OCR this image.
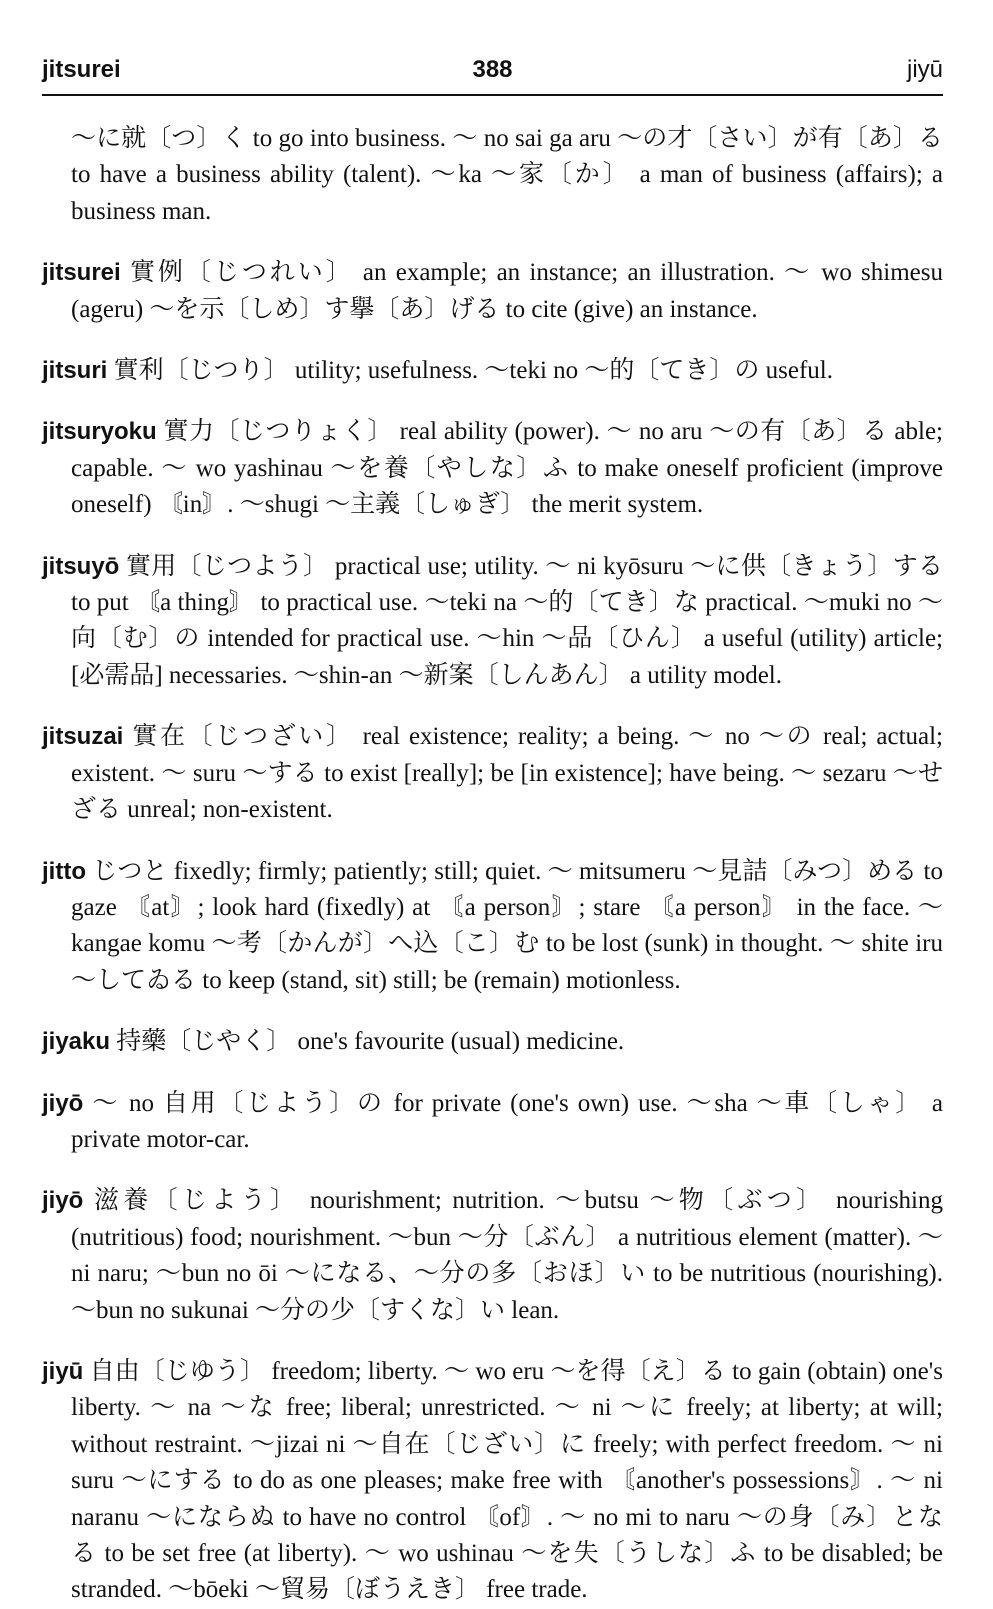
jitsurei	388	jiyū

～に就〔つ〕く to go into business. ～ no sai ga aru ～の才〔さい〕が有〔あ〕る to have a business ability (talent). ～ka ～家〔か〕 a man of business (affairs); a business man.

jitsurei 實例〔じつれい〕 an example; an instance; an illustration. ～ wo shimesu (ageru) ～を示〔しめ〕す擧〔あ〕げる to cite (give) an instance.

jitsuri 實利〔じつり〕 utility; usefulness. ～teki no ～的〔てき〕の useful.

jitsuryoku 實力〔じつりょく〕 real ability (power). ～ no aru ～の有〔あ〕る able; capable. ～ wo yashinau ～を養〔やしな〕ふ to make oneself proficient (improve oneself) 〘in〙. ～shugi ～主義〔しゅぎ〕 the merit system.

jitsuyō 實用〔じつよう〕 practical use; utility. ～ ni kyōsuru ～に供〔きょう〕する to put 〘a thing〙 to practical use. ～teki na ～的〔てき〕な practical. ～muki no ～向〔む〕の intended for practical use. ～hin ～品〔ひん〕 a useful (utility) article; [必需品] necessaries. ～shin-an ～新案〔しんあん〕 a utility model.

jitsuzai 實在〔じつざい〕 real existence; reality; a being. ～ no ～の real; actual; existent. ～ suru ～する to exist [really]; be [in existence]; have being. ～ sezaru ～せざる unreal; non-existent.

jitto じつと fixedly; firmly; patiently; still; quiet. ～ mitsumeru ～見詰〔みつ〕める to gaze 〘at〙; look hard (fixedly) at 〘a person〙; stare 〘a person〙 in the face. ～ kangae komu ～考〔かんが〕へ込〔こ〕む to be lost (sunk) in thought. ～ shite iru ～してゐる to keep (stand, sit) still; be (remain) motionless.

jiyaku 持藥〔じやく〕 one's favourite (usual) medicine.

jiyō ～ no 自用〔じよう〕の for private (one's own) use. ～sha ～車〔しゃ〕 a private motor-car.

jiyō 滋養〔じよう〕 nourishment; nutrition. ～butsu ～物〔ぶつ〕 nourishing (nutritious) food; nourishment. ～bun ～分〔ぶん〕 a nutritious element (matter). ～ ni naru; ～bun no ōi ～になる、～分の多〔おほ〕い to be nutritious (nourishing). ～bun no sukunai ～分の少〔すくな〕い lean.

jiyū 自由〔じゆう〕 freedom; liberty. ～ wo eru ～を得〔え〕る to gain (obtain) one's liberty. ～ na ～な free; liberal; unrestricted. ～ ni ～に freely; at liberty; at will; without restraint. ～jizai ni ～自在〔じざい〕に freely; with perfect freedom. ～ ni suru ～にする to do as one pleases; make free with 〘another's possessions〙. ～ ni naranu ～にならぬ to have no control 〘of〙. ～ no mi to naru ～の身〔み〕となる to be set free (at liberty). ～ wo ushinau ～を失〔うしな〕ふ to be disabled; be stranded. ～bōeki ～貿易〔ぼうえき〕 free trade.
